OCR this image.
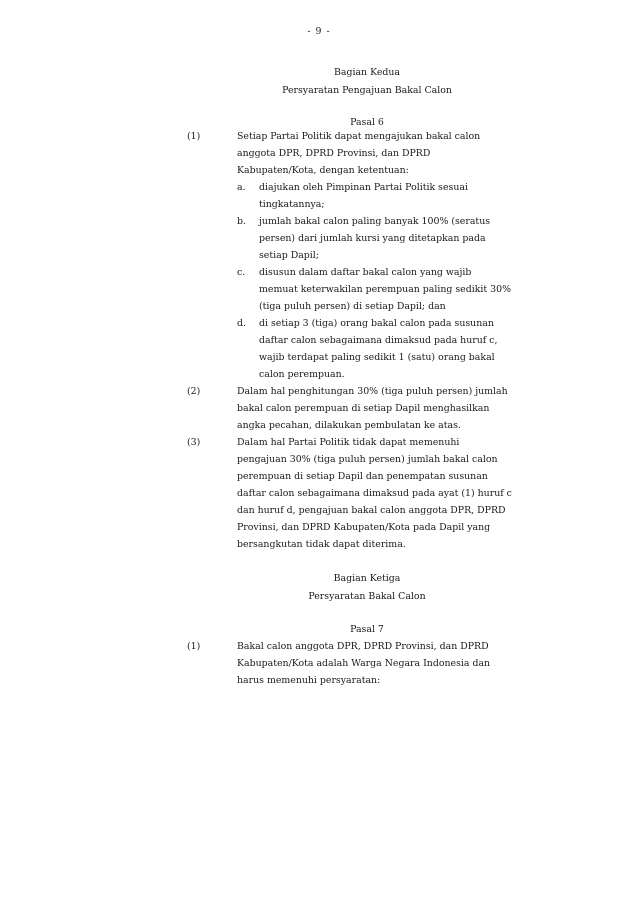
- 9 -
Bagian Kedua
Persyaratan Pengajuan Bakal Calon
Pasal 6
(1)	Setiap Partai Politik dapat mengajukan bakal calon
anggota DPR, DPRD Provinsi, dan DPRD
Kabupaten/Kota, dengan ketentuan:
a. diajukan oleh Pimpinan Partai Politik sesuai
tingkatannya;
b. jumlah bakal calon paling banyak 100% (seratus
persen) dari jumlah kursi yang ditetapkan pada
setiap Dapil;
c. disusun dalam daftar bakal calon yang wajib
memuat keterwakilan perempuan paling sedikit 30%
(tiga puluh persen) di setiap Dapil; dan
d. di setiap 3 (tiga) orang bakal calon pada susunan
daftar calon sebagaimana dimaksud pada huruf c,
wajib terdapat paling sedikit 1 (satu) orang bakal
calon perempuan.
(2)	Dalam hal penghitungan 30% (tiga puluh persen) jumlah
bakal calon perempuan di setiap Dapil menghasilkan
angka pecahan, dilakukan pembulatan ke atas.
(3)	Dalam hal Partai Politik tidak dapat memenuhi
pengajuan 30% (tiga puluh persen) jumlah bakal calon
perempuan di setiap Dapil dan penempatan susunan
daftar calon sebagaimana dimaksud pada ayat (1) huruf c
dan huruf d, pengajuan bakal calon anggota DPR, DPRD
Provinsi, dan DPRD Kabupaten/Kota pada Dapil yang
bersangkutan tidak dapat diterima.
Bagian Ketiga
Persyaratan Bakal Calon
Pasal 7
(1)	Bakal calon anggota DPR, DPRD Provinsi, dan DPRD
Kabupaten/Kota adalah Warga Negara Indonesia dan
harus memenuhi persyaratan:
